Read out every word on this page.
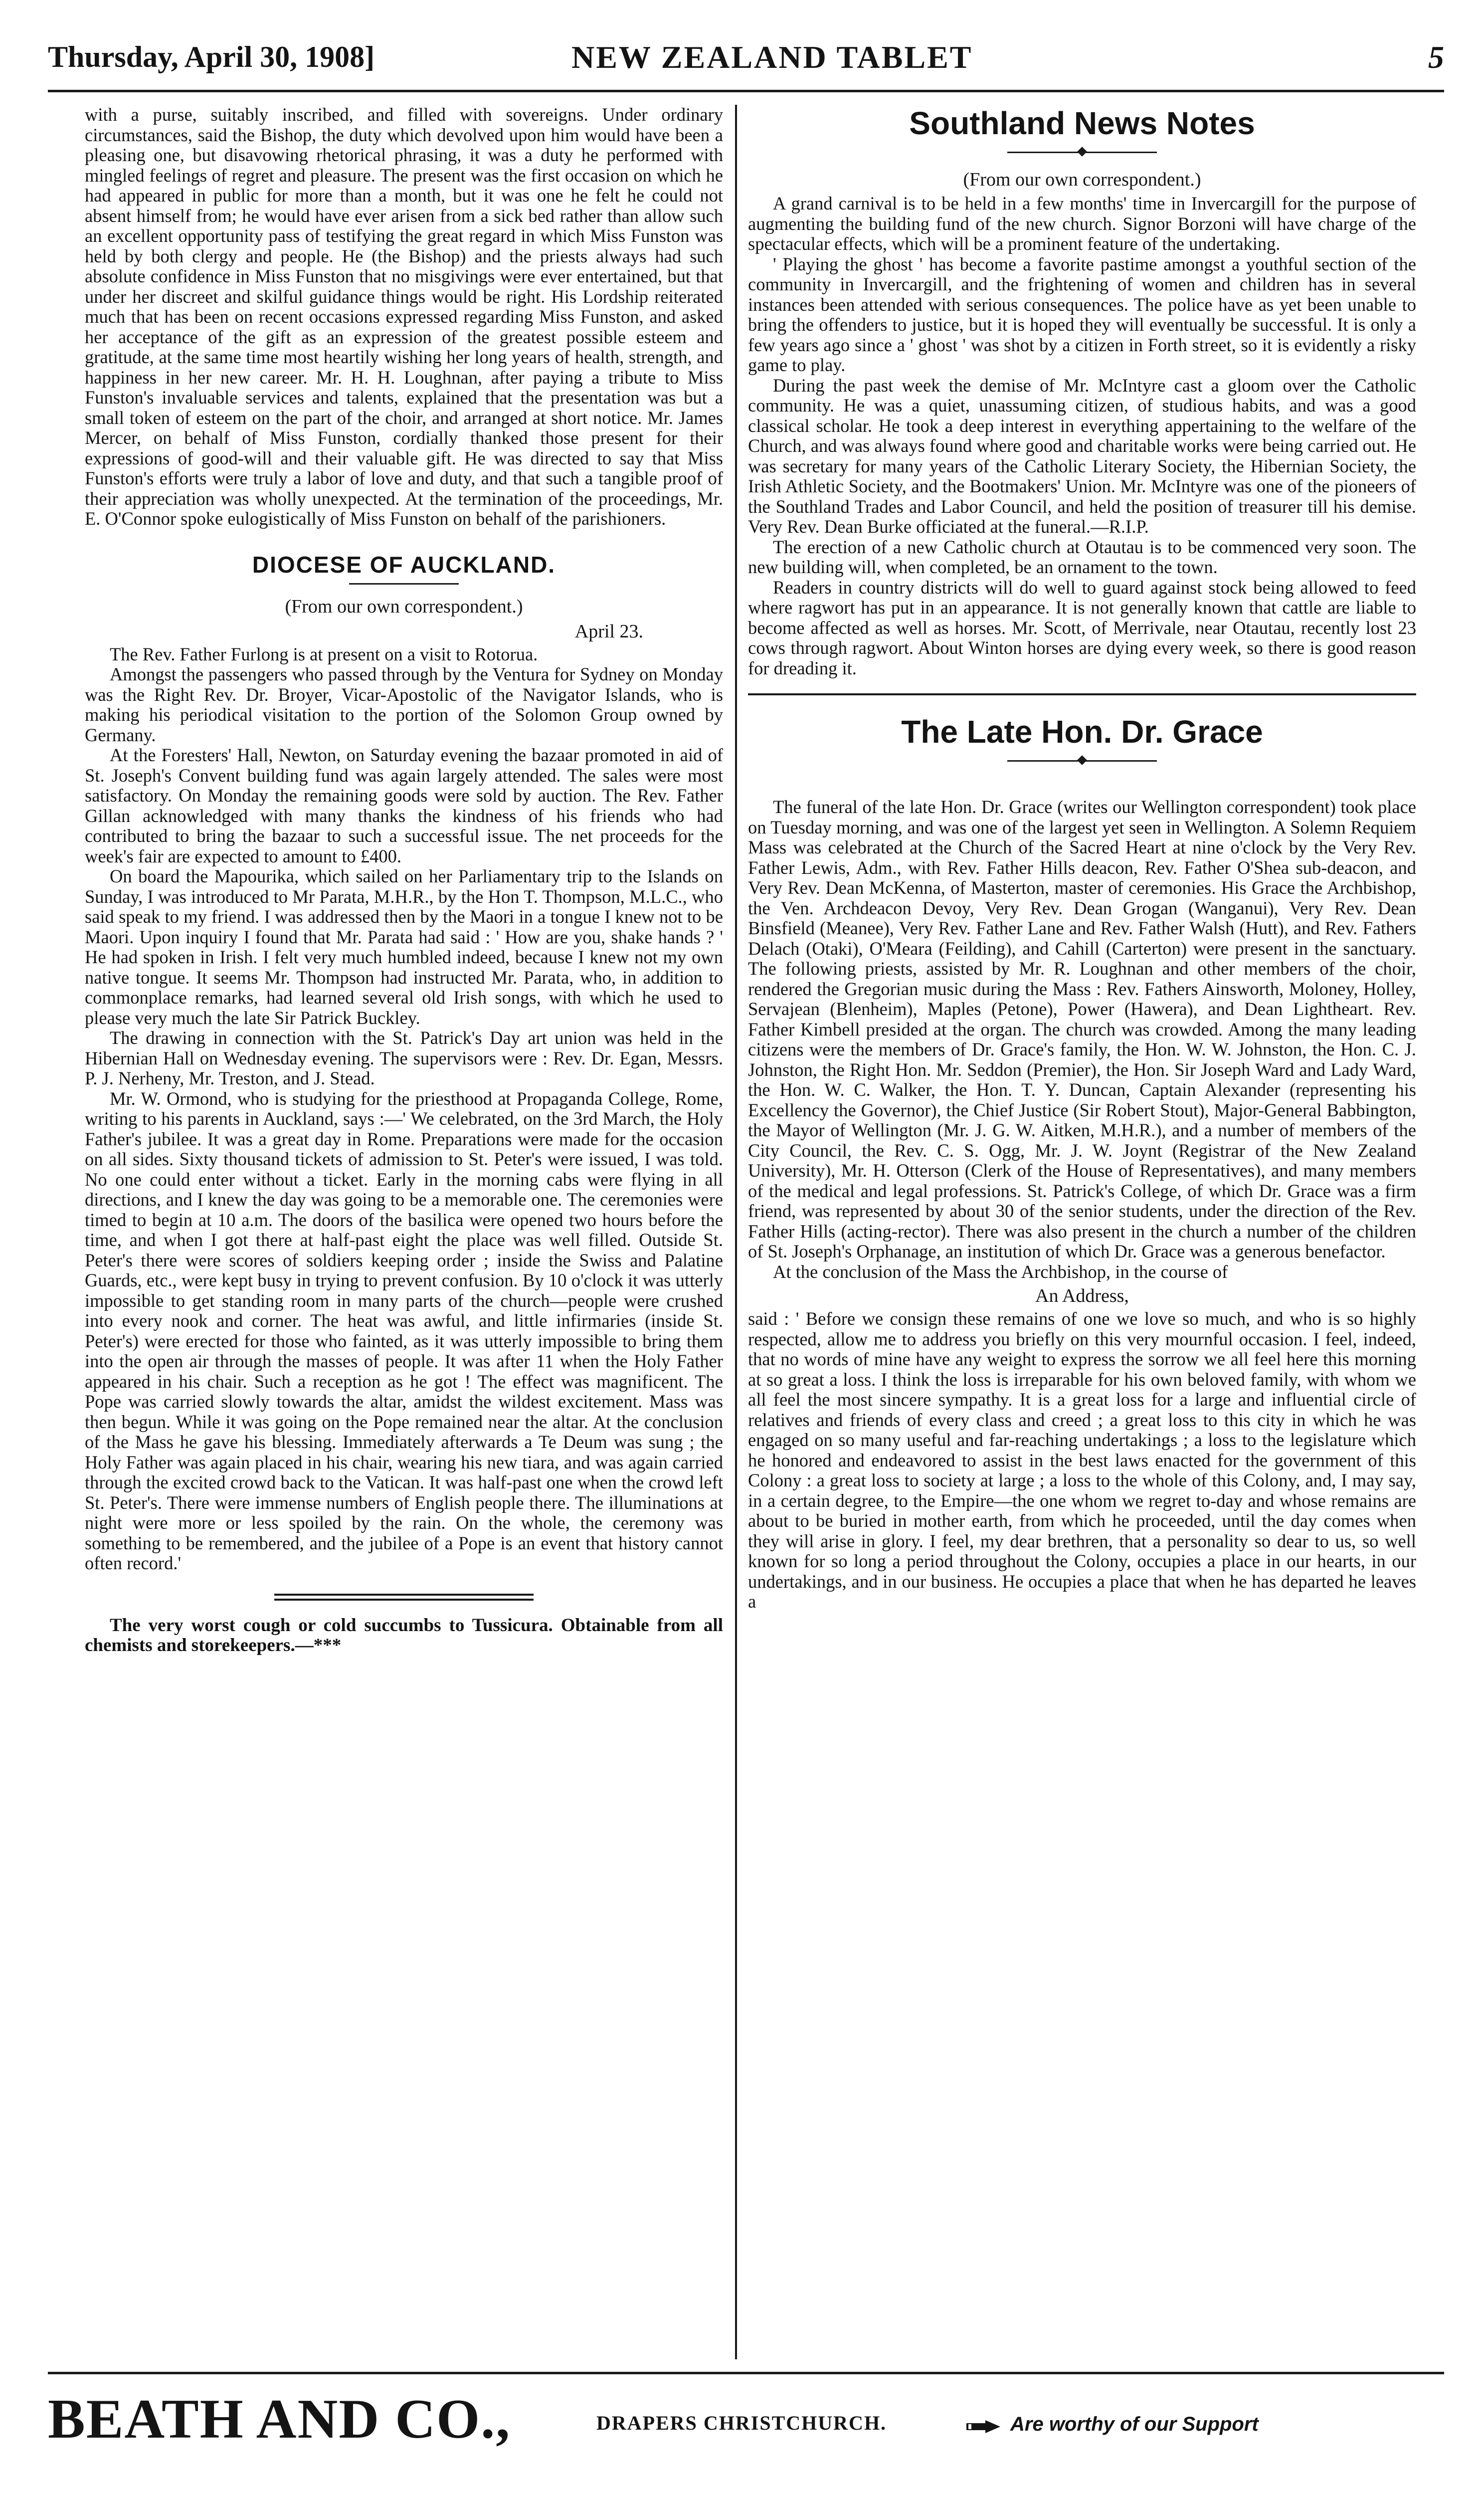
Thursday, April 30, 1908]	NEW ZEALAND TABLET	5

with a purse, suitably inscribed, and filled with sovereigns. Under ordinary circumstances, said the Bishop, the duty which devolved upon him would have been a pleasing one, but disavowing rhetorical phrasing, it was a duty he performed with mingled feelings of regret and pleasure. The present was the first occasion on which he had appeared in public for more than a month, but it was one he felt he could not absent himself from; he would have ever arisen from a sick bed rather than allow such an excellent opportunity pass of testifying the great regard in which Miss Funston was held by both clergy and people. He (the Bishop) and the priests always had such absolute confidence in Miss Funston that no misgivings were ever entertained, but that under her discreet and skilful guidance things would be right. His Lordship reiterated much that has been on recent occasions expressed regarding Miss Funston, and asked her acceptance of the gift as an expression of the greatest possible esteem and gratitude, at the same time most heartily wishing her long years of health, strength, and happiness in her new career. Mr. H. H. Loughnan, after paying a tribute to Miss Funston's invaluable services and talents, explained that the presentation was but a small token of esteem on the part of the choir, and arranged at short notice. Mr. James Mercer, on behalf of Miss Funston, cordially thanked those present for their expressions of good-will and their valuable gift. He was directed to say that Miss Funston's efforts were truly a labor of love and duty, and that such a tangible proof of their appreciation was wholly unexpected. At the termination of the proceedings, Mr. E. O'Connor spoke eulogistically of Miss Funston on behalf of the parishioners.

DIOCESE OF AUCKLAND.
(From our own correspondent.)
April 23.

The Rev. Father Furlong is at present on a visit to Rotorua.

Amongst the passengers who passed through by the Ventura for Sydney on Monday was the Right Rev. Dr. Broyer, Vicar-Apostolic of the Navigator Islands, who is making his periodical visitation to the portion of the Solomon Group owned by Germany.

At the Foresters' Hall, Newton, on Saturday evening the bazaar promoted in aid of St. Joseph's Convent building fund was again largely attended. The sales were most satisfactory. On Monday the remaining goods were sold by auction. The Rev. Father Gillan acknowledged with many thanks the kindness of his friends who had contributed to bring the bazaar to such a successful issue. The net proceeds for the week's fair are expected to amount to £400.

On board the Mapourika, which sailed on her Parliamentary trip to the Islands on Sunday, I was introduced to Mr Parata, M.H.R., by the Hon T. Thompson, M.L.C., who said speak to my friend. I was addressed then by the Maori in a tongue I knew not to be Maori. Upon inquiry I found that Mr. Parata had said : ' How are you, shake hands ? ' He had spoken in Irish. I felt very much humbled indeed, because I knew not my own native tongue. It seems Mr. Thompson had instructed Mr. Parata, who, in addition to commonplace remarks, had learned several old Irish songs, with which he used to please very much the late Sir Patrick Buckley.

The drawing in connection with the St. Patrick's Day art union was held in the Hibernian Hall on Wednesday evening. The supervisors were : Rev. Dr. Egan, Messrs. P. J. Nerheny, Mr. Treston, and J. Stead.

Mr. W. Ormond, who is studying for the priesthood at Propaganda College, Rome, writing to his parents in Auckland, says :—' We celebrated, on the 3rd March, the Holy Father's jubilee. It was a great day in Rome. Preparations were made for the occasion on all sides. Sixty thousand tickets of admission to St. Peter's were issued, I was told. No one could enter without a ticket. Early in the morning cabs were flying in all directions, and I knew the day was going to be a memorable one. The ceremonies were timed to begin at 10 a.m. The doors of the basilica were opened two hours before the time, and when I got there at half-past eight the place was well filled. Outside St. Peter's there were scores of soldiers keeping order ; inside the Swiss and Palatine Guards, etc., were kept busy in trying to prevent confusion. By 10 o'clock it was utterly impossible to get standing room in many parts of the church—people were crushed into every nook and corner. The heat was awful, and little infirmaries (inside St. Peter's) were erected for those who fainted, as it was utterly impossible to bring them into the open air through the masses of people. It was after 11 when the Holy Father appeared in his chair. Such a reception as he got ! The effect was magnificent. The Pope was carried slowly towards the altar, amidst the wildest excitement. Mass was then begun. While it was going on the Pope remained near the altar. At the conclusion of the Mass he gave his blessing. Immediately afterwards a Te Deum was sung ; the Holy Father was again placed in his chair, wearing his new tiara, and was again carried through the excited crowd back to the Vatican. It was half-past one when the crowd left St. Peter's. There were immense numbers of English people there. The illuminations at night were more or less spoiled by the rain. On the whole, the ceremony was something to be remembered, and the jubilee of a Pope is an event that history cannot often record.'

The very worst cough or cold succumbs to Tussicura. Obtainable from all chemists and storekeepers.—***

Southland News Notes
(From our own correspondent.)

A grand carnival is to be held in a few months' time in Invercargill for the purpose of augmenting the building fund of the new church. Signor Borzoni will have charge of the spectacular effects, which will be a prominent feature of the undertaking.

' Playing the ghost ' has become a favorite pastime amongst a youthful section of the community in Invercargill, and the frightening of women and children has in several instances been attended with serious consequences. The police have as yet been unable to bring the offenders to justice, but it is hoped they will eventually be successful. It is only a few years ago since a ' ghost ' was shot by a citizen in Forth street, so it is evidently a risky game to play.

During the past week the demise of Mr. McIntyre cast a gloom over the Catholic community. He was a quiet, unassuming citizen, of studious habits, and was a good classical scholar. He took a deep interest in everything appertaining to the welfare of the Church, and was always found where good and charitable works were being carried out. He was secretary for many years of the Catholic Literary Society, the Hibernian Society, the Irish Athletic Society, and the Bootmakers' Union. Mr. McIntyre was one of the pioneers of the Southland Trades and Labor Council, and held the position of treasurer till his demise. Very Rev. Dean Burke officiated at the funeral.—R.I.P.

The erection of a new Catholic church at Otautau is to be commenced very soon. The new building will, when completed, be an ornament to the town.

Readers in country districts will do well to guard against stock being allowed to feed where ragwort has put in an appearance. It is not generally known that cattle are liable to become affected as well as horses. Mr. Scott, of Merrivale, near Otautau, recently lost 23 cows through ragwort. About Winton horses are dying every week, so there is good reason for dreading it.

The Late Hon. Dr. Grace

The funeral of the late Hon. Dr. Grace (writes our Wellington correspondent) took place on Tuesday morning, and was one of the largest yet seen in Wellington. A Solemn Requiem Mass was celebrated at the Church of the Sacred Heart at nine o'clock by the Very Rev. Father Lewis, Adm., with Rev. Father Hills deacon, Rev. Father O'Shea sub-deacon, and Very Rev. Dean McKenna, of Masterton, master of ceremonies. His Grace the Archbishop, the Ven. Archdeacon Devoy, Very Rev. Dean Grogan (Wanganui), Very Rev. Dean Binsfield (Meanee), Very Rev. Father Lane and Rev. Father Walsh (Hutt), and Rev. Fathers Delach (Otaki), O'Meara (Feilding), and Cahill (Carterton) were present in the sanctuary. The following priests, assisted by Mr. R. Loughnan and other members of the choir, rendered the Gregorian music during the Mass : Rev. Fathers Ainsworth, Moloney, Holley, Servajean (Blenheim), Maples (Petone), Power (Hawera), and Dean Lightheart. Rev. Father Kimbell presided at the organ. The church was crowded. Among the many leading citizens were the members of Dr. Grace's family, the Hon. W. W. Johnston, the Hon. C. J. Johnston, the Right Hon. Mr. Seddon (Premier), the Hon. Sir Joseph Ward and Lady Ward, the Hon. W. C. Walker, the Hon. T. Y. Duncan, Captain Alexander (representing his Excellency the Governor), the Chief Justice (Sir Robert Stout), Major-General Babbington, the Mayor of Wellington (Mr. J. G. W. Aitken, M.H.R.), and a number of members of the City Council, the Rev. C. S. Ogg, Mr. J. W. Joynt (Registrar of the New Zealand University), Mr. H. Otterson (Clerk of the House of Representatives), and many members of the medical and legal professions. St. Patrick's College, of which Dr. Grace was a firm friend, was represented by about 30 of the senior students, under the direction of the Rev. Father Hills (acting-rector). There was also present in the church a number of the children of St. Joseph's Orphanage, an institution of which Dr. Grace was a generous benefactor.

At the conclusion of the Mass the Archbishop, in the course of

An Address,

said : ' Before we consign these remains of one we love so much, and who is so highly respected, allow me to address you briefly on this very mournful occasion. I feel, indeed, that no words of mine have any weight to express the sorrow we all feel here this morning at so great a loss. I think the loss is irreparable for his own beloved family, with whom we all feel the most sincere sympathy. It is a great loss for a large and influential circle of relatives and friends of every class and creed ; a great loss to this city in which he was engaged on so many useful and far-reaching undertakings ; a loss to the legislature which he honored and endeavored to assist in the best laws enacted for the government of this Colony : a great loss to society at large ; a loss to the whole of this Colony, and, I may say, in a certain degree, to the Empire—the one whom we regret to-day and whose remains are about to be buried in mother earth, from which he proceeded, until the day comes when they will arise in glory. I feel, my dear brethren, that a personality so dear to us, so well known for so long a period throughout the Colony, occupies a place in our hearts, in our undertakings, and in our business. He occupies a place that when he has departed he leaves a

BEATH AND CO.,	DRAPERS CHRISTCHURCH.	Are worthy of our Support
